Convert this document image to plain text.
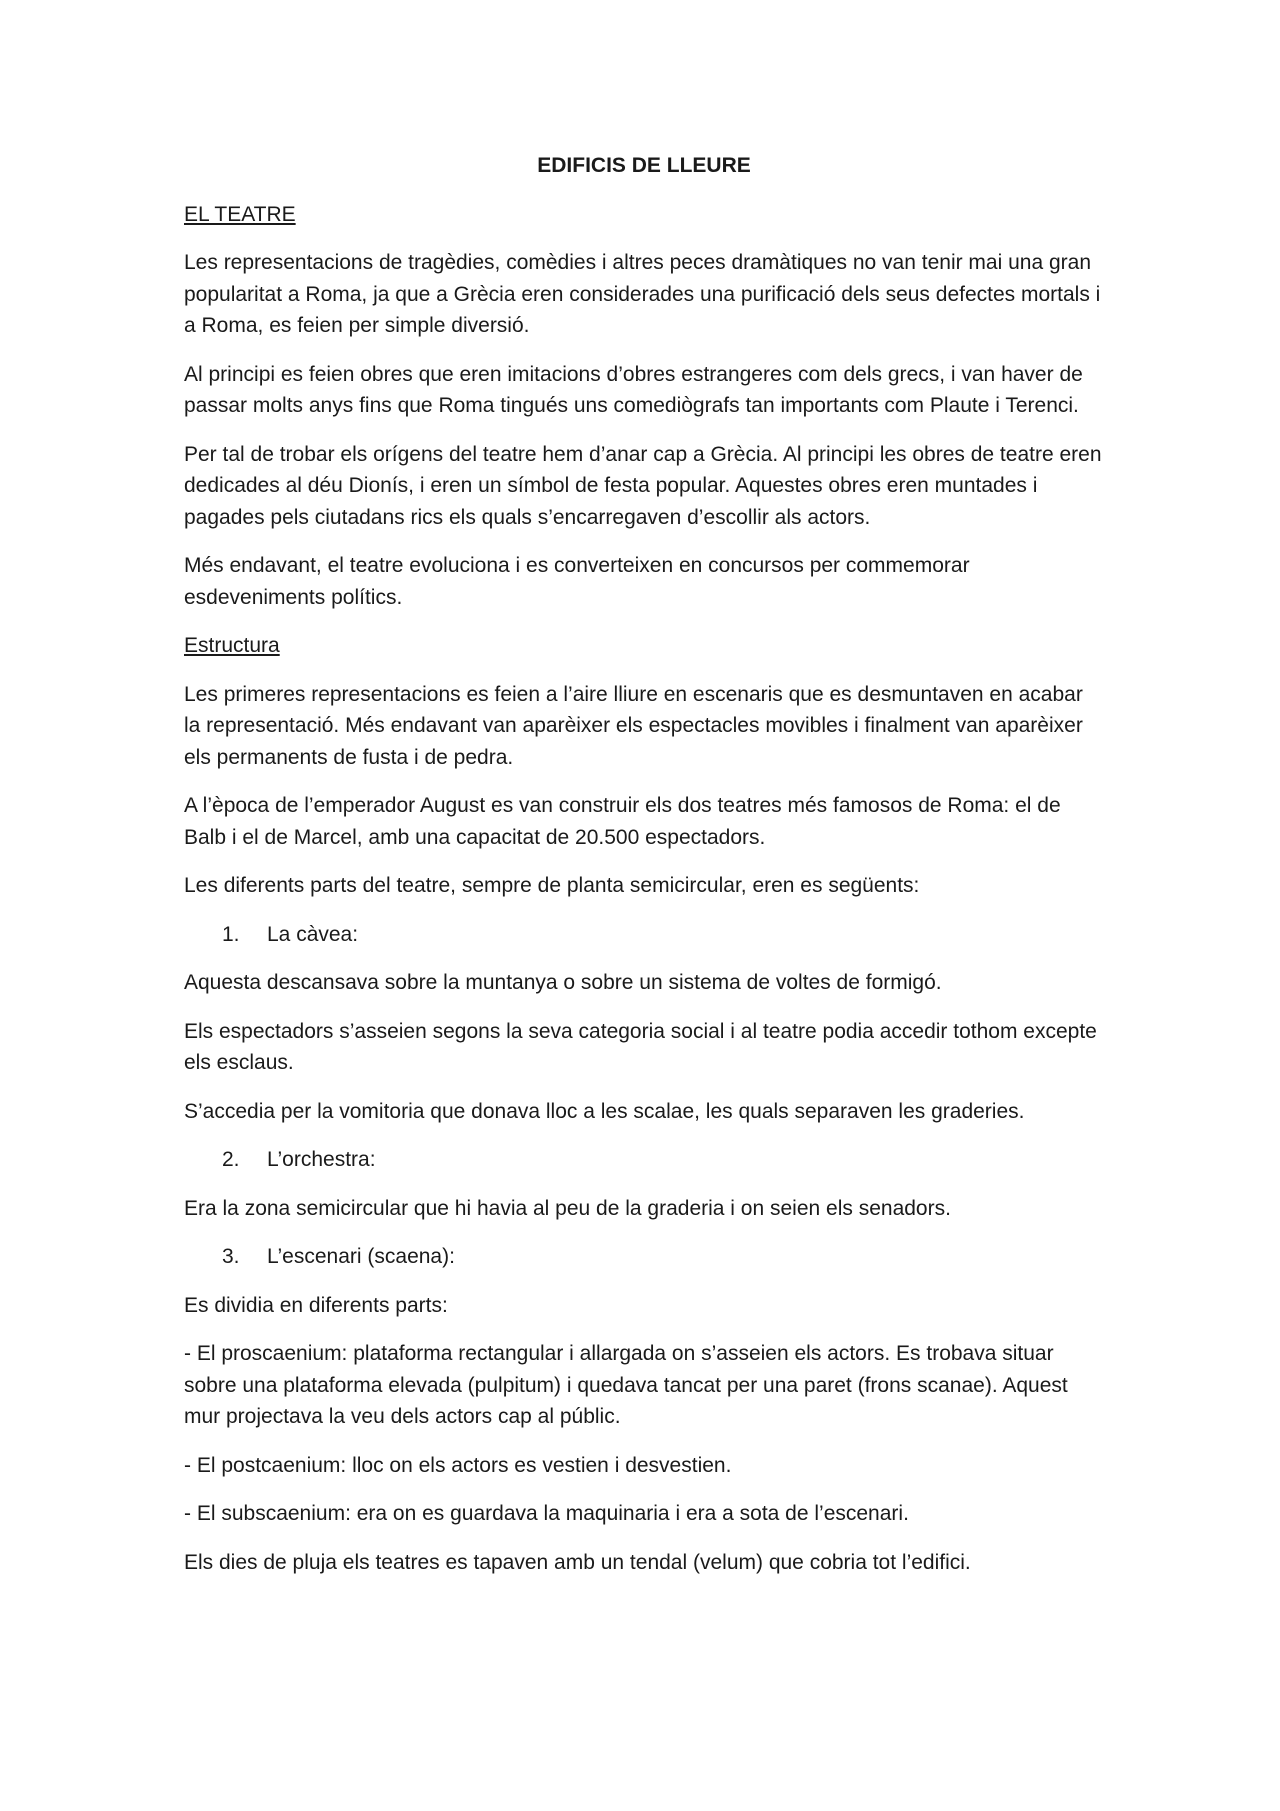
EDIFICIS DE LLEURE
EL TEATRE

Les representacions de tragèdies, comèdies i altres peces dramàtiques no van tenir mai una gran popularitat a Roma, ja que a Grècia eren considerades una purificació dels seus defectes mortals i a Roma, es feien per simple diversió.

Al principi es feien obres que eren imitacions d’obres estrangeres com dels grecs, i van haver de passar molts anys fins que Roma tingués uns comediògrafs tan importants com Plaute i Terenci.

Per tal de trobar els orígens del teatre hem d’anar cap a Grècia. Al principi les obres de teatre eren dedicades al déu Dionís, i eren un símbol de festa popular. Aquestes obres eren muntades i pagades pels ciutadans rics els quals s’encarregaven d’escollir als actors.

Més endavant, el teatre evoluciona i es converteixen en concursos per commemorar esdeveniments polítics.

Estructura

Les primeres representacions es feien a l’aire lliure en escenaris que es desmuntaven en acabar la representació. Més endavant van aparèixer els espectacles movibles i finalment van aparèixer els permanents de fusta i de pedra.

A l’època de l’emperador August es van construir els dos teatres més famosos de Roma: el de Balb i el de Marcel, amb una capacitat de 20.500 espectadors.

Les diferents parts del teatre, sempre de planta semicircular, eren es següents:

1.	La càvea:

Aquesta descansava sobre la muntanya o sobre un sistema de voltes de formigó.

Els espectadors s’asseien segons la seva categoria social i al teatre podia accedir tothom excepte els esclaus.

S’accedia per la vomitoria que donava lloc a les scalae, les quals separaven les graderies.

2.	L’orchestra:

Era la zona semicircular que hi havia al peu de la graderia i on seien els senadors.

3.	L’escenari (scaena):

Es dividia en diferents parts:

- El proscaenium: plataforma rectangular i allargada on s’asseien els actors. Es trobava situar sobre una plataforma elevada (pulpitum) i quedava tancat per una paret (frons scanae). Aquest mur projectava la veu dels actors cap al públic.

- El postcaenium: lloc on els actors es vestien i desvestien.

- El subscaenium: era on es guardava la maquinaria i era a sota de l’escenari.

Els dies de pluja els teatres es tapaven amb un tendal (velum) que cobria tot l’edifici.
